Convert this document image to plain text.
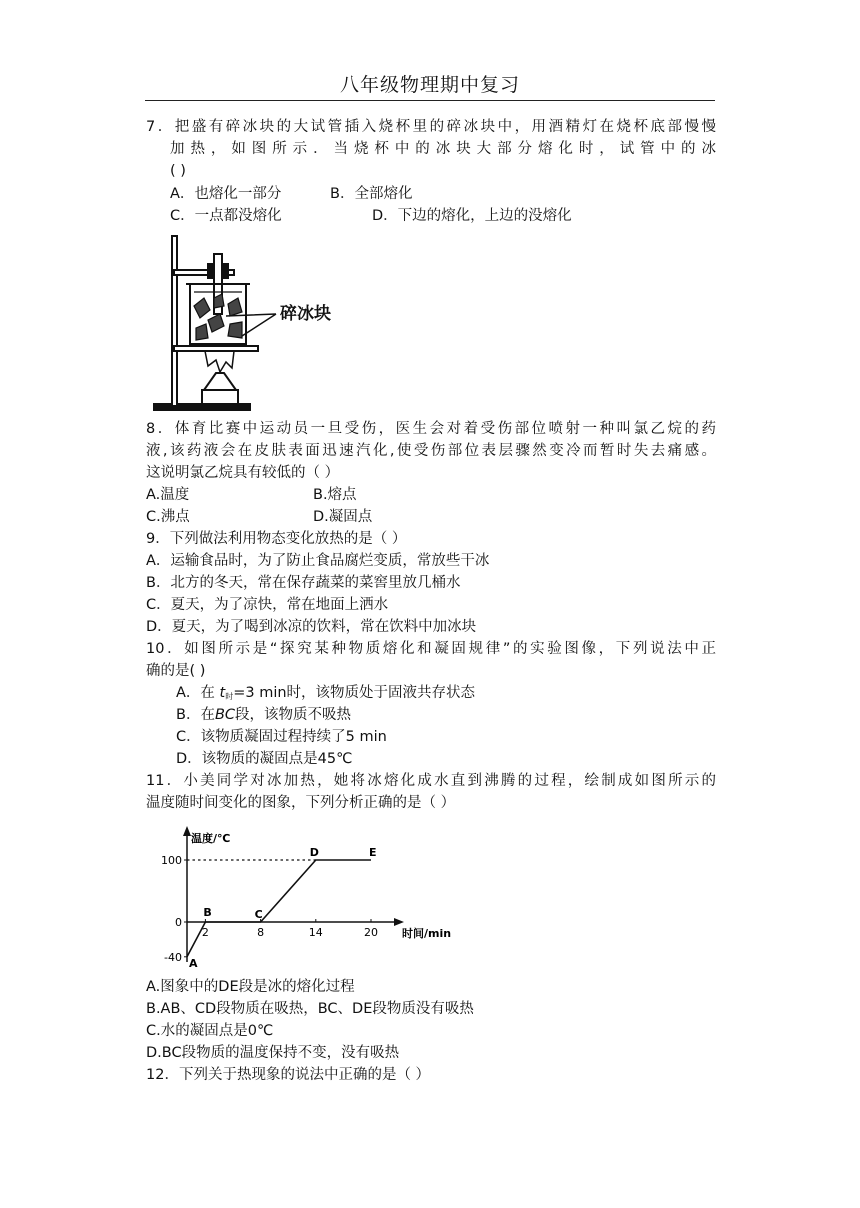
八年级物理期中复习
7．把盛有碎冰块的大试管插入烧杯里的碎冰块中，用酒精灯在烧杯底部慢慢
加热，如图所示．当烧杯中的冰块大部分熔化时，试管中的冰
( )
A．也熔化一部分	B．全部熔化
C．一点都没熔化	D．下边的熔化，上边的没熔化
碎冰块
8．体育比赛中运动员一旦受伤，医生会对着受伤部位喷射一种叫氯乙烷的药
液,该药液会在皮肤表面迅速汽化,使受伤部位表层骤然变冷而暂时失去痛感。
这说明氯乙烷具有较低的（ ）
A.温度	B.熔点
C.沸点	D.凝固点
9．下列做法利用物态变化放热的是（ ）
A．运输食品时，为了防止食品腐烂变质，常放些干冰
B．北方的冬天，常在保存蔬菜的菜窖里放几桶水
C．夏天，为了凉快，常在地面上洒水
D．夏天，为了喝到冰凉的饮料，常在饮料中加冰块
10．如图所示是“探究某种物质熔化和凝固规律”的实验图像，下列说法中正
确的是( )
A．在 $t_时=3$ min时，该物质处于固液共存状态
B．在BC段，该物质不吸热
C．该物质凝固过程持续了5 min
D．该物质的凝固点是45℃
11．小美同学对冰加热，她将冰熔化成水直到沸腾的过程，绘制成如图所示的
温度随时间变化的图象，下列分析正确的是（ ）
温度/℃
时间/min
100
0
-40
2	8	14	20
A
B	C
D	E
A.图象中的DE段是冰的熔化过程
B.AB、CD段物质在吸热，BC、DE段物质没有吸热
C.水的凝固点是0℃
D.BC段物质的温度保持不变，没有吸热
12．下列关于热现象的说法中正确的是（ ）
